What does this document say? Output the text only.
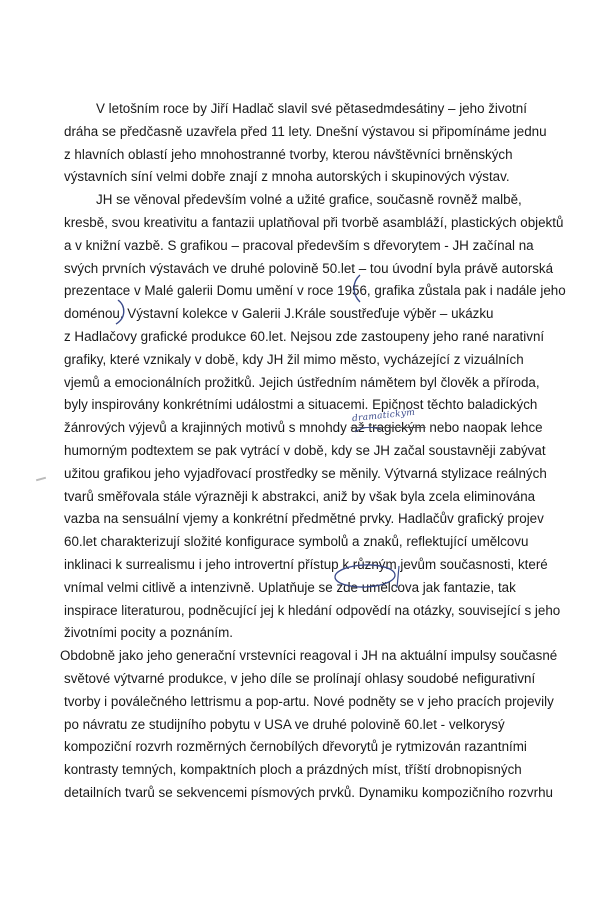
V letošním roce by Jiří Hadlač slavil své pětasedmdesátiny – jeho životní
dráha se předčasně uzavřela před 11 lety. Dnešní výstavou si připomínáme jednu
z hlavních oblastí jeho mnohostranné tvorby, kterou návštěvníci brněnských
výstavních síní velmi dobře znají z mnoha autorských i skupinových výstav.
JH se věnoval především volné a užité grafice, současně rovněž malbě,
kresbě, svou kreativitu a fantazii uplatňoval při tvorbě asambláží, plastických objektů
a v knižní vazbě. S grafikou – pracoval především s dřevorytem - JH začínal na
svých prvních výstavách ve druhé polovině 50.let – tou úvodní byla právě autorská
prezentace v Malé galerii Domu umění v roce 1956, grafika zůstala pak i nadále jeho
doménou. Výstavní kolekce v Galerii J.Krále soustřeďuje výběr – ukázku
z Hadlačovy grafické produkce 60.let. Nejsou zde zastoupeny jeho rané narativní
grafiky, které vznikaly v době, kdy JH žil mimo město, vycházející z vizuálních
vjemů a emocionálních prožitků. Jejich ústředním námětem byl člověk a příroda,
byly inspirovány konkrétními událostmi a situacemi. Epičnost těchto baladických
žánrových výjevů a krajinných motivů s mnohdy až tragickým nebo naopak lehce
dramatickým
humorným podtextem se pak vytrácí v době, kdy se JH začal soustavněji zabývat
užitou grafikou jeho vyjadřovací prostředky se měnily. Výtvarná stylizace reálných
tvarů směřovala stále výrazněji k abstrakci, aniž by však byla zcela eliminována
vazba na sensuální vjemy a konkrétní předmětné prvky. Hadlačův grafický projev
60.let charakterizují složité konfigurace symbolů a znaků, reflektující umělcovu
inklinaci k surrealismu i jeho introvertní přístup k různým jevům současnosti, které
vnímal velmi citlivě a intenzivně. Uplatňuje se zde umělcova jak fantazie, tak
inspirace literaturou, podněcující jej k hledání odpovědí na otázky, související s jeho
životními pocity a poznáním.
Obdobně jako jeho generační vrstevníci reagoval i JH na aktuální impulsy současné
světové výtvarné produkce, v jeho díle se prolínají ohlasy soudobé nefigurativní
tvorby i poválečného lettrismu a pop-artu. Nové podněty se v jeho pracích projevily
po návratu ze studijního pobytu v USA ve druhé polovině 60.let - velkorysý
kompoziční rozvrh rozměrných černobílých dřevorytů je rytmizován razantními
kontrasty temných, kompaktních ploch a prázdných míst, tříští drobnopisných
detailních tvarů se sekvencemi písmových prvků. Dynamiku kompozičního rozvrhu
